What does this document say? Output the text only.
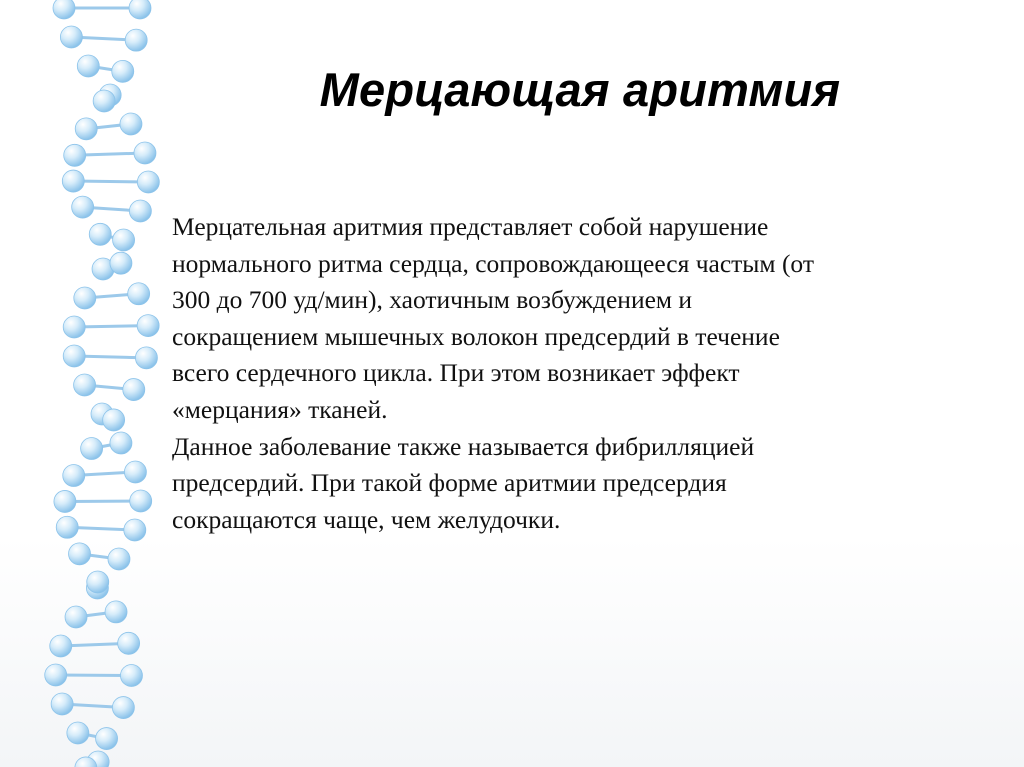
Мерцающая аритмия

Мерцательная аритмия представляет собой нарушение
нормального ритма сердца, сопровождающееся частым (от
300 до 700 уд/мин), хаотичным возбуждением и
сокращением мышечных волокон предсердий в течение
всего сердечного цикла. При этом возникает эффект
«мерцания» тканей.

Данное заболевание также называется фибрилляцией
предсердий. При такой форме аритмии предсердия
сокращаются чаще, чем желудочки.
